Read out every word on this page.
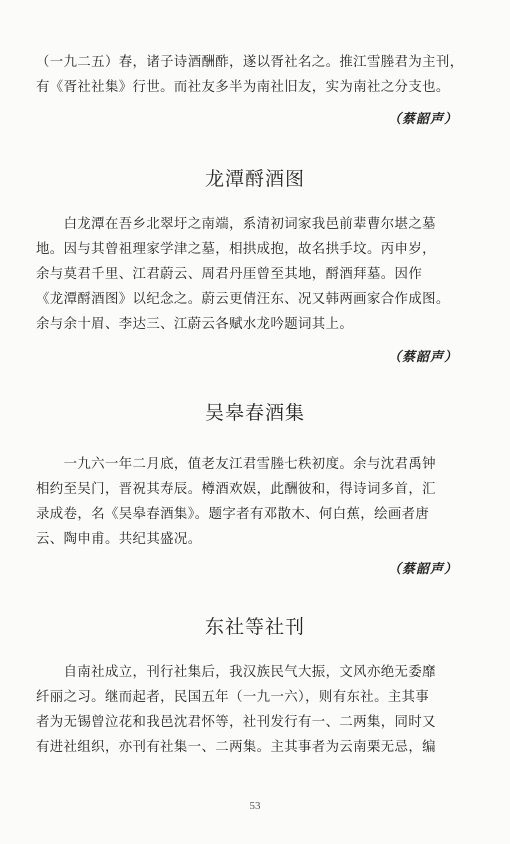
（一九二五）春，诸子诗酒酬酢，遂以胥社名之。推江雪塍君为主刊，
有《胥社社集》行世。而社友多半为南社旧友，实为南社之分支也。
（蔡韶声）
龙潭酹酒图
　　白龙潭在吾乡北翠圩之南端，系清初词家我邑前辈曹尔堪之墓
地。因与其曾祖理家学津之墓，相拱成抱，故名拱手坟。丙申岁，
余与莫君千里、江君蔚云、周君丹厓曾至其地，酹酒拜墓。因作
《龙潭酹酒图》以纪念之。蔚云更倩汪东、况又韩两画家合作成图。
余与余十眉、李达三、江蔚云各赋水龙吟题词其上。
（蔡韶声）
吴皋春酒集
　　一九六一年二月底，值老友江君雪塍七秩初度。余与沈君禹钟
相约至吴门，晋祝其寿辰。樽酒欢娱，此酬彼和，得诗词多首，汇
录成卷，名《吴皋春酒集》。题字者有邓散木、何白蕉，绘画者唐
云、陶申甫。共纪其盛况。
（蔡韶声）
东社等社刊
　　自南社成立，刊行社集后，我汉族民气大振，文风亦绝无委靡
纤丽之习。继而起者，民国五年（一九一六），则有东社。主其事
者为无锡曾泣花和我邑沈君怀等，社刊发行有一、二两集，同时又
有进社组织，亦刊有社集一、二两集。主其事者为云南栗无忌，编
53
